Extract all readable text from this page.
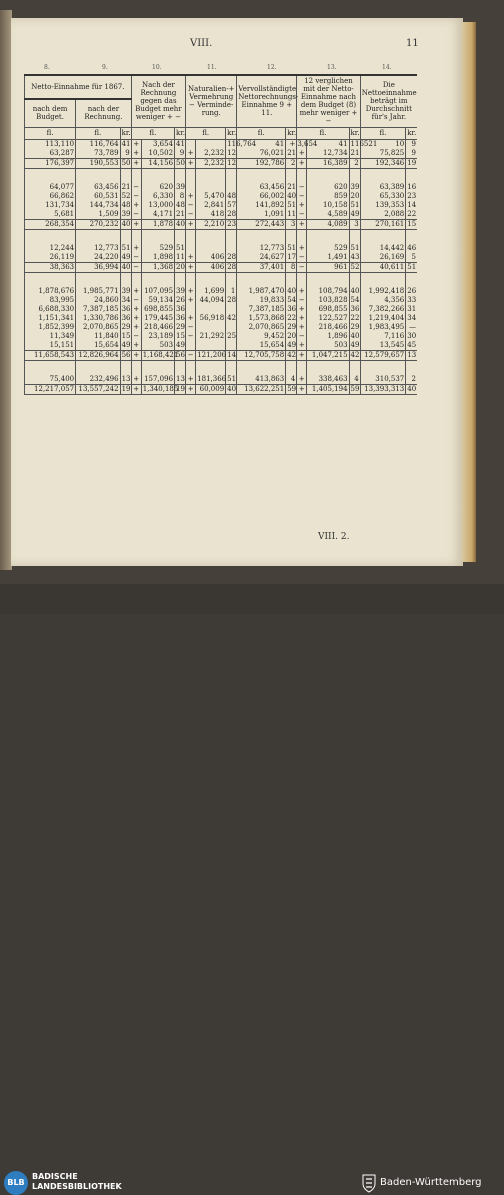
VIII.	11
8.	9.	10.	11.	12.	13.	14.
Netto-Einnahme für 1867.			Nach der Rechnung gegen das Budget mehr weniger + −			Naturalien-+ Vermehrung − Vermindе-rung.			Vervollständigte Nettorechnungs-Einnahme 9 + 11.		12 verglichen mit der Netto-Einnahme nach dem Budget (8) mehr weniger + −			Die Nettoeinnahme beträgt im Durchschnitt für's Jahr.	
nach dem Budget.	nach der Rechnung.														
fl.	fl.	kr.	fl.		kr.	fl.		kr.	fl.	kr.	fl.		kr.	fl.	kr.
113,110	116,764	41	+	3,654	41			116,764	41	+	3,654	41	116521	10	9
63,287	73,789	9	+	10,502	9	+	2,232	12	76,021	21	+	12,734	21	75,825	9
176,397	190,553	50	+	14,156	50	+	2,232	12	192,786	2	+	16,389	2	192,346	19

64,077	63,456	21	−	620	39				63,456	21	−	620	39	63,389	16
66,862	60,531	52	−	6,330	8	+	5,470	48	66,002	40	−	859	20	65,330	23
131,734	144,734	48	+	13,000	48	−	2,841	57	141,892	51	+	10,158	51	139,353	14
5,681	1,509	39	−	4,171	21	−	418	28	1,091	11	−	4,589	49	2,088	22
268,354	270,232	40	+	1,878	40	+	2,210	23	272,443	3	+	4,089	3	270,161	15

12,244	12,773	51	+	529	51				12,773	51	+	529	51	14,442	46
26,119	24,220	49	−	1,898	11	+	406	28	24,627	17	−	1,491	43	26,169	5
38,363	36,994	40	−	1,368	20	+	406	28	37,401	8	−	961	52	40,611	51

1,878,676	1,985,771	39	+	107,095	39	+	1,699	1	1,987,470	40	+	108,794	40	1,992,418	26
83,995	24,860	34	−	59,134	26	+	44,094	28	19,833	54	−	103,828	54	4,356	33
6,688,330	7,387,185	36	+	698,855	36				7,387,185	36	+	698,855	36	7,382,266	31
1,151,341	1,330,786	36	+	179,445	36	+	56,918	42	1,573,868	22	+	122,527	22	1,219,404	34
1,852,399	2,070,865	29	+	218,466	29	−			2,070,865	29	+	218,466	29	1,983,495	—
11,349	11,840	15	−	23,189	15	−	21,292	25	9,452	20	−	1,896	40	7,116	30
15,151	15,654	49	+	503	49				15,654	49	+	503	49	13,545	45
11,658,543	12,826,964	56	+	1,168,421	56	−	121,206	14	12,705,758	42	+	1,047,215	42	12,579,657	13

75,400	232,496	13	+	157,096	13	+	181,366	51	413,863	4	+	338,463	4	310,537	2
12,217,057	13,557,242	19	+	1,340,185	19	+	60,009	40	13,622,251	59	+	1,405,194	59	13,393,313	40
VIII. 2.
BLB
BADISCHE
LANDESBIBLIOTHEK	Baden-Württemberg
